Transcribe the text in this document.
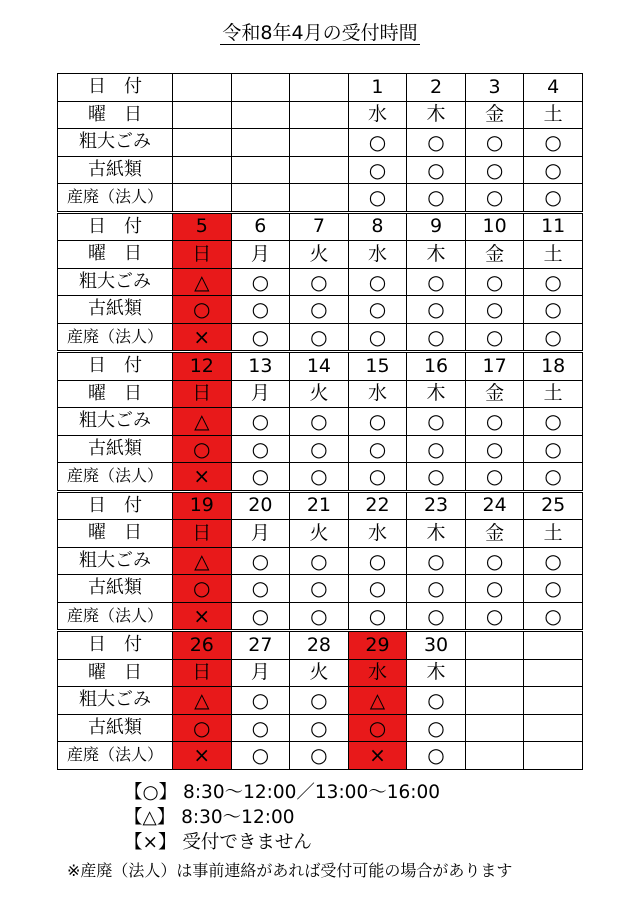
令和8年4月の受付時間
日　付				1	2	3	4
曜　日				水	木	金	土
粗大ごみ				○	○	○	○
古紙類				○	○	○	○
産廃（法人）				○	○	○	○
日　付	5	6	7	8	9	10	11
曜　日	日	月	火	水	木	金	土
粗大ごみ	△	○	○	○	○	○	○
古紙類	○	○	○	○	○	○	○
産廃（法人）	×	○	○	○	○	○	○
日　付	12	13	14	15	16	17	18
曜　日	日	月	火	水	木	金	土
粗大ごみ	△	○	○	○	○	○	○
古紙類	○	○	○	○	○	○	○
産廃（法人）	×	○	○	○	○	○	○
日　付	19	20	21	22	23	24	25
曜　日	日	月	火	水	木	金	土
粗大ごみ	△	○	○	○	○	○	○
古紙類	○	○	○	○	○	○	○
産廃（法人）	×	○	○	○	○	○	○
日　付	26	27	28	29	30		
曜　日	日	月	火	水	木		
粗大ごみ	△	○	○	△	○		
古紙類	○	○	○	○	○		
産廃（法人）	×	○	○	×	○		
【○】 8:30～12:00／13:00～16:00
【△】 8:30～12:00
【×】 受付できません
※産廃（法人）は事前連絡があれば受付可能の場合があります
